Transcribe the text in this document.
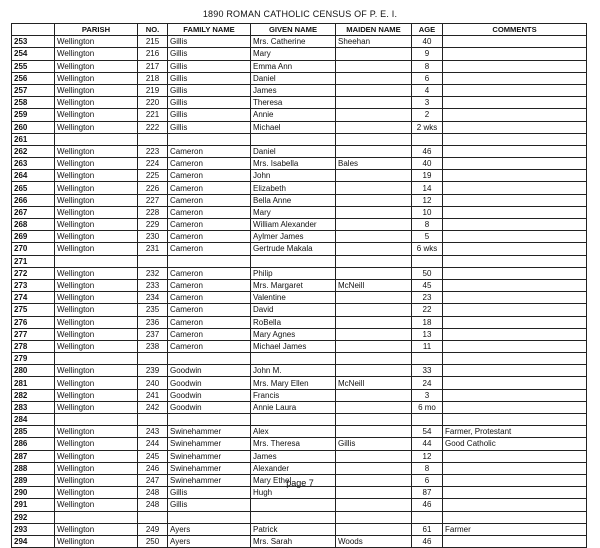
1890 ROMAN CATHOLIC CENSUS OF P. E. I.
	PARISH	NO.	FAMILY NAME	GIVEN NAME	MAIDEN NAME	AGE	COMMENTS
253	Wellington	215	Gillis	Mrs. Catherine	Sheehan	40	
254	Wellington	216	Gillis	Mary		9	
255	Wellington	217	Gillis	Emma Ann		8	
256	Wellington	218	Gillis	Daniel		6	
257	Wellington	219	Gillis	James		4	
258	Wellington	220	Gillis	Theresa		3	
259	Wellington	221	Gillis	Annie		2	
260	Wellington	222	Gillis	Michael		2 wks	
261							
262	Wellington	223	Cameron	Daniel		46	
263	Wellington	224	Cameron	Mrs. Isabella	Bales	40	
264	Wellington	225	Cameron	John		19	
265	Wellington	226	Cameron	Elizabeth		14	
266	Wellington	227	Cameron	Bella Anne		12	
267	Wellington	228	Cameron	Mary		10	
268	Wellington	229	Cameron	William Alexander		8	
269	Wellington	230	Cameron	Aylmer James		5	
270	Wellington	231	Cameron	Gertrude Makala		6 wks	
271							
272	Wellington	232	Cameron	Philip		50	
273	Wellington	233	Cameron	Mrs. Margaret	McNeill	45	
274	Wellington	234	Cameron	Valentine		23	
275	Wellington	235	Cameron	David		22	
276	Wellington	236	Cameron	RoBella		18	
277	Wellington	237	Cameron	Mary Agnes		13	
278	Wellington	238	Cameron	Michael James		11	
279							
280	Wellington	239	Goodwin	John M.		33	
281	Wellington	240	Goodwin	Mrs. Mary Ellen	McNeill	24	
282	Wellington	241	Goodwin	Francis		3	
283	Wellington	242	Goodwin	Annie Laura		6 mo	
284							
285	Wellington	243	Swinehammer	Alex		54	Farmer, Protestant
286	Wellington	244	Swinehammer	Mrs. Theresa	Gillis	44	Good Catholic
287	Wellington	245	Swinehammer	James		12	
288	Wellington	246	Swinehammer	Alexander		8	
289	Wellington	247	Swinehammer	Mary Ethel		6	
290	Wellington	248	Gillis	Hugh		87	
291	Wellington	248	Gillis			46	
292							
293	Wellington	249	Ayers	Patrick		61	Farmer
294	Wellington	250	Ayers	Mrs. Sarah	Woods	46	
page 7
